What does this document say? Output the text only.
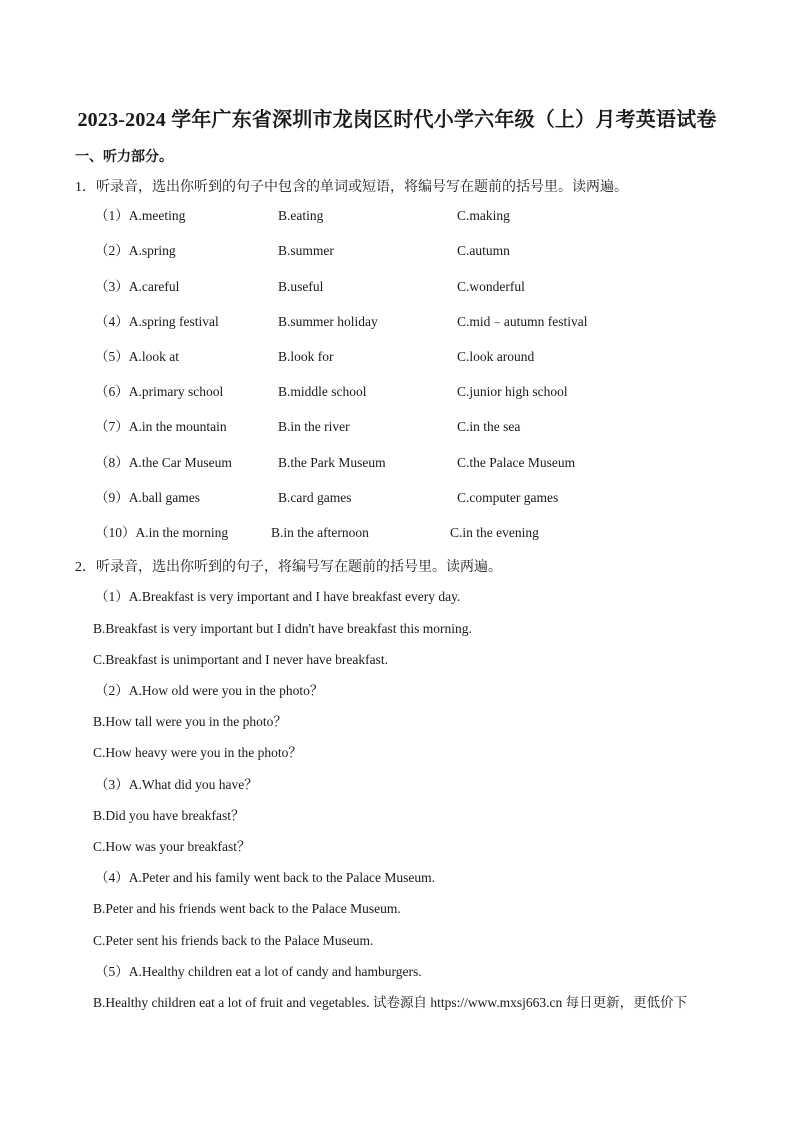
2023-2024 学年广东省深圳市龙岗区时代小学六年级（上）月考英语试卷
一、听力部分。
1．听录音，选出你听到的句子中包含的单词或短语，将编号写在题前的括号里。读两遍。
（1）A.meeting	B.eating	C.making
（2）A.spring	B.summer	C.autumn
（3）A.careful	B.useful	C.wonderful
（4）A.spring festival	B.summer holiday	C.mid﹣autumn festival
（5）A.look at	B.look for	C.look around
（6）A.primary school	B.middle school	C.junior high school
（7）A.in the mountain	B.in the river	C.in the sea
（8）A.the Car Museum	B.the Park Museum	C.the Palace Museum
（9）A.ball games	B.card games	C.computer games
（10）A.in the morning	B.in the afternoon	C.in the evening
2．听录音，选出你听到的句子，将编号写在题前的括号里。读两遍。
（1）A.Breakfast is very important and I have breakfast every day.
B.Breakfast is very important but I didn't have breakfast this morning.
C.Breakfast is unimportant and I never have breakfast.
（2）A.How old were you in the photo？
B.How tall were you in the photo？
C.How heavy were you in the photo？
（3）A.What did you have？
B.Did you have breakfast？
C.How was your breakfast？
（4）A.Peter and his family went back to the Palace Museum.
B.Peter and his friends went back to the Palace Museum.
C.Peter sent his friends back to the Palace Museum.
（5）A.Healthy children eat a lot of candy and hamburgers.
B.Healthy children eat a lot of fruit and vegetables. 试卷源自 https://www.mxsj663.cn 每日更新，更低价下
